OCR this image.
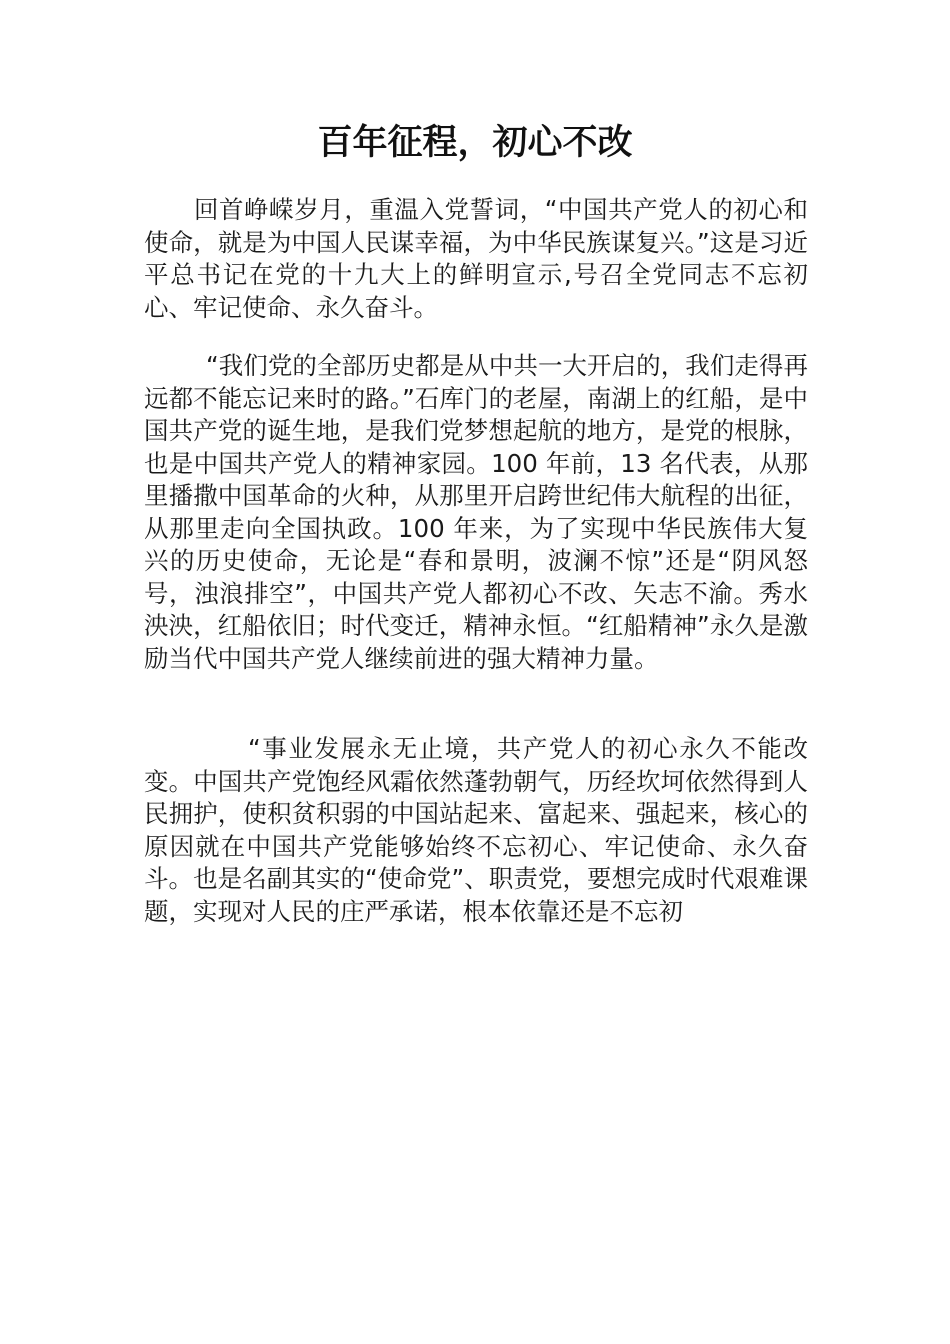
百年征程，初心不改

回首峥嵘岁月，重温入党誓词，“中国共产党人的初心和使命，就是为中国人民谋幸福，为中华民族谋复兴。”这是习近平总书记在党的十九大上的鲜明宣示,号召全党同志不忘初心、牢记使命、永久奋斗。

“我们党的全部历史都是从中共一大开启的，我们走得再远都不能忘记来时的路。”石库门的老屋，南湖上的红船，是中国共产党的诞生地，是我们党梦想起航的地方，是党的根脉，也是中国共产党人的精神家园。100 年前，13 名代表，从那里播撒中国革命的火种，从那里开启跨世纪伟大航程的出征，从那里走向全国执政。100 年来，为了实现中华民族伟大复兴的历史使命，无论是“春和景明，波澜不惊”还是“阴风怒号，浊浪排空”，中国共产党人都初心不改、矢志不渝。秀水泱泱，红船依旧；时代变迁，精神永恒。“红船精神”永久是激励当代中国共产党人继续前进的强大精神力量。

“事业发展永无止境，共产党人的初心永久不能改变。中国共产党饱经风霜依然蓬勃朝气，历经坎坷依然得到人民拥护，使积贫积弱的中国站起来、富起来、强起来，核心的原因就在中国共产党能够始终不忘初心、牢记使命、永久奋斗。也是名副其实的“使命党”、职责党，要想完成时代艰难课题，实现对人民的庄严承诺，根本依靠还是不忘初
